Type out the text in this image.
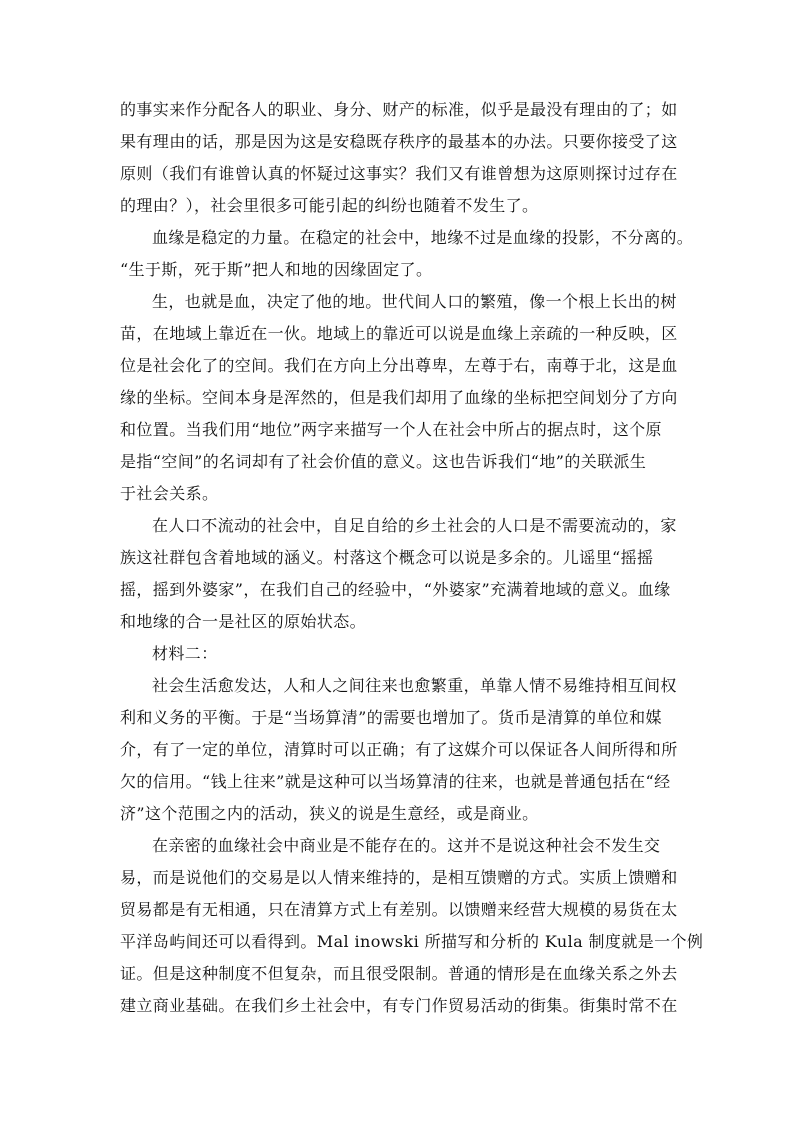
的事实来作分配各人的职业、身分、财产的标准，似乎是最没有理由的了；如
果有理由的话，那是因为这是安稳既存秩序的最基本的办法。只要你接受了这
原则（我们有谁曾认真的怀疑过这事实？我们又有谁曾想为这原则探讨过存在
的理由？），社会里很多可能引起的纠纷也随着不发生了。
血缘是稳定的力量。在稳定的社会中，地缘不过是血缘的投影，不分离的。
“生于斯，死于斯”把人和地的因缘固定了。
生，也就是血，决定了他的地。世代间人口的繁殖，像一个根上长出的树
苗，在地域上靠近在一伙。地域上的靠近可以说是血缘上亲疏的一种反映，区
位是社会化了的空间。我们在方向上分出尊卑，左尊于右，南尊于北，这是血
缘的坐标。空间本身是浑然的，但是我们却用了血缘的坐标把空间划分了方向
和位置。当我们用“地位”两字来描写一个人在社会中所占的据点时，这个原
是指“空间”的名词却有了社会价值的意义。这也告诉我们“地”的关联派生
于社会关系。
在人口不流动的社会中，自足自给的乡土社会的人口是不需要流动的，家
族这社群包含着地域的涵义。村落这个概念可以说是多余的。儿谣里“摇摇
摇，摇到外婆家”，在我们自己的经验中，“外婆家”充满着地域的意义。血缘
和地缘的合一是社区的原始状态。
材料二：
社会生活愈发达，人和人之间往来也愈繁重，单靠人情不易维持相互间权
利和义务的平衡。于是“当场算清”的需要也增加了。货币是清算的单位和媒
介，有了一定的单位，清算时可以正确；有了这媒介可以保证各人间所得和所
欠的信用。“钱上往来”就是这种可以当场算清的往来，也就是普通包括在“经
济”这个范围之内的活动，狭义的说是生意经，或是商业。
在亲密的血缘社会中商业是不能存在的。这并不是说这种社会不发生交
易，而是说他们的交易是以人情来维持的，是相互馈赠的方式。实质上馈赠和
贸易都是有无相通，只在清算方式上有差别。以馈赠来经营大规模的易货在太
平洋岛屿间还可以看得到。Mal inowski 所描写和分析的 Kula 制度就是一个例
证。但是这种制度不但复杂，而且很受限制。普通的情形是在血缘关系之外去
建立商业基础。在我们乡土社会中，有专门作贸易活动的街集。街集时常不在
